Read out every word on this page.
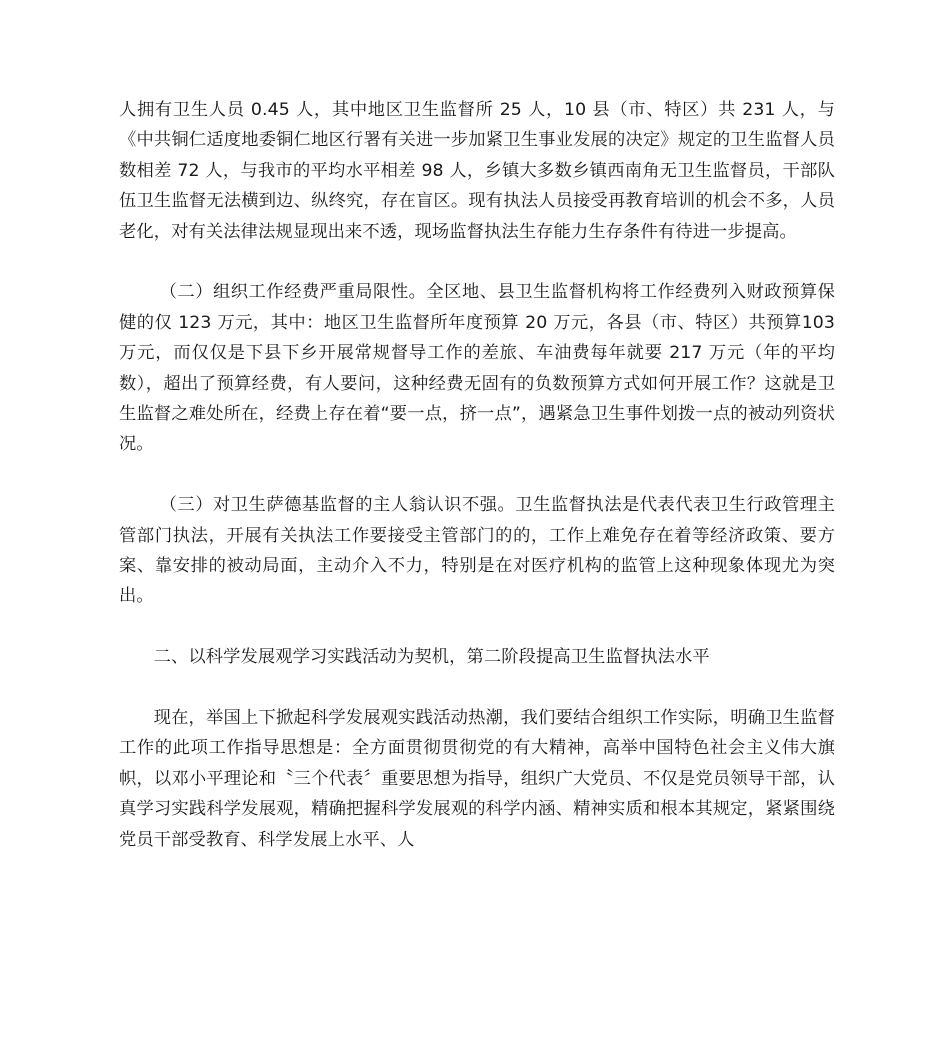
人拥有卫生人员 0.45 人，其中地区卫生监督所 25 人，10 县（市、特区）共 231 人，与《中共铜仁适度地委铜仁地区行署有关进一步加紧卫生事业发展的决定》规定的卫生监督人员数相差 72 人，与我市的平均水平相差 98 人，乡镇大多数乡镇西南角无卫生监督员，干部队伍卫生监督无法横到边、纵终究，存在盲区。现有执法人员接受再教育培训的机会不多，人员老化，对有关法律法规显现出来不透，现场监督执法生存能力生存条件有待进一步提高。

（二）组织工作经费严重局限性。全区地、县卫生监督机构将工作经费列入财政预算保健的仅 123 万元，其中：地区卫生监督所年度预算 20 万元，各县（市、特区）共预算103 万元，而仅仅是下县下乡开展常规督导工作的差旅、车油费每年就要 217 万元（年的平均数），超出了预算经费，有人要问，这种经费无固有的负数预算方式如何开展工作？这就是卫生监督之难处所在，经费上存在着“要一点，挤一点”，遇紧急卫生事件划拨一点的被动列资状况。

（三）对卫生萨德基监督的主人翁认识不强。卫生监督执法是代表代表卫生行政管理主管部门执法，开展有关执法工作要接受主管部门的的，工作上难免存在着等经济政策、要方案、靠安排的被动局面，主动介入不力，特别是在对医疗机构的监管上这种现象体现尤为突出。

二、以科学发展观学习实践活动为契机，第二阶段提高卫生监督执法水平

现在，举国上下掀起科学发展观实践活动热潮，我们要结合组织工作实际，明确卫生监督工作的此项工作指导思想是：全方面贯彻贯彻党的有大精神，高举中国特色社会主义伟大旗帜，以邓小平理论和〝三个代表〞重要思想为指导，组织广大党员、不仅是党员领导干部，认真学习实践科学发展观，精确把握科学发展观的科学内涵、精神实质和根本其规定，紧紧围绕党员干部受教育、科学发展上水平、人
